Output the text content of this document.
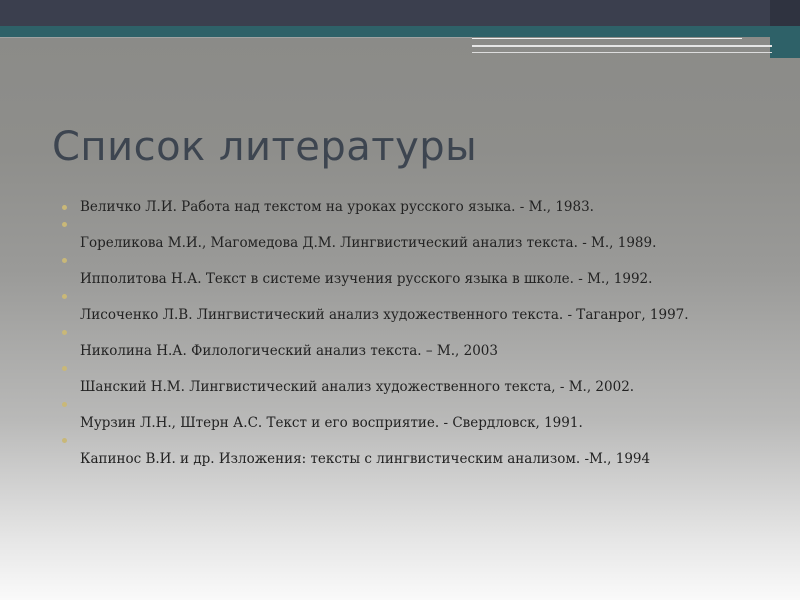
Список литературы
Величко Л.И. Работа над текстом на уроках русского языка. - М., 1983.
Гореликова М.И., Магомедова Д.М. Лингвистический анализ текста. - М., 1989.
Ипполитова Н.А. Текст в системе изучения русского языка в школе. - М., 1992.
Лисоченко Л.В. Лингвистический анализ художественного текста. - Таганрог, 1997.
Николина Н.А. Филологический анализ текста. – М., 2003
Шанский Н.М. Лингвистический анализ художественного текста, - М., 2002.
Мурзин Л.Н., Штерн А.С. Текст и его восприятие. - Свердловск, 1991.
Капинос В.И. и др. Изложения: тексты с лингвистическим анализом. -М., 1994
